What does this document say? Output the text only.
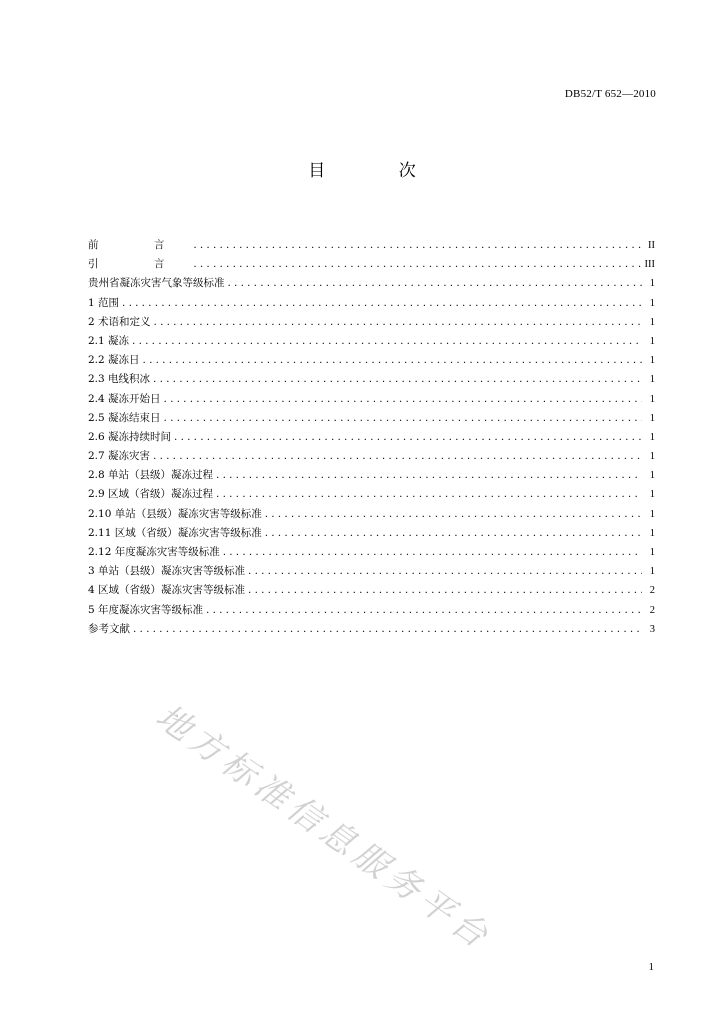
DB52/T 652—2010
目 次
前 言 .....	II
引 言 .....	III
贵州省凝冻灾害气象等级标准 .....	1
1 范围 .....	1
2 术语和定义 .....	1
2.1 凝冻 .....	1
2.2 凝冻日 .....	1
2.3 电线积冰 .....	1
2.4 凝冻开始日 .....	1
2.5 凝冻结束日 .....	1
2.6 凝冻持续时间 .....	1
2.7 凝冻灾害 .....	1
2.8 单站（县级）凝冻过程 .....	1
2.9 区域（省级）凝冻过程 .....	1
2.10 单站（县级）凝冻灾害等级标准 .....	1
2.11 区域（省级）凝冻灾害等级标准 .....	1
2.12 年度凝冻灾害等级标准 .....	1
3 单站（县级）凝冻灾害等级标准 .....	1
4 区域（省级）凝冻灾害等级标准 .....	2
5 年度凝冻灾害等级标准 .....	2
参考文献 .....	3
地方标准信息服务平台
1
